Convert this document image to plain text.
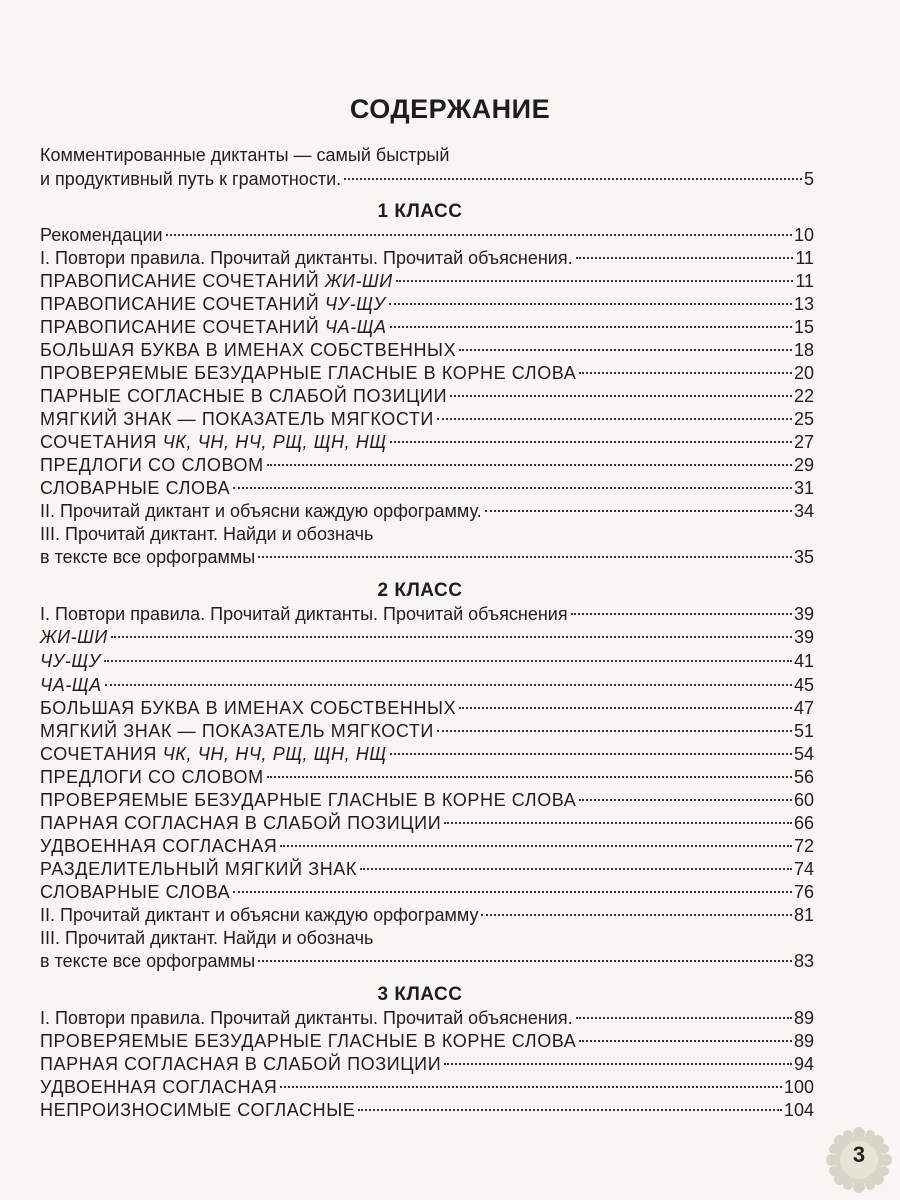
СОДЕРЖАНИЕ
Комментированные диктанты — самый быстрый
и продуктивный путь к грамотности.	5
1 КЛАСС
Рекомендации	10
I. Повтори правила. Прочитай диктанты. Прочитай объяснения.	11
ПРАВОПИСАНИЕ СОЧЕТАНИЙ ЖИ-ШИ	11
ПРАВОПИСАНИЕ СОЧЕТАНИЙ ЧУ-ЩУ	13
ПРАВОПИСАНИЕ СОЧЕТАНИЙ ЧА-ЩА	15
БОЛЬШАЯ БУКВА В ИМЕНАХ СОБСТВЕННЫХ	18
ПРОВЕРЯЕМЫЕ БЕЗУДАРНЫЕ ГЛАСНЫЕ В КОРНЕ СЛОВА	20
ПАРНЫЕ СОГЛАСНЫЕ В СЛАБОЙ ПОЗИЦИИ	22
МЯГКИЙ ЗНАК — ПОКАЗАТЕЛЬ МЯГКОСТИ	25
СОЧЕТАНИЯ ЧК, ЧН, НЧ, РЩ, ЩН, НЩ	27
ПРЕДЛОГИ СО СЛОВОМ	29
СЛОВАРНЫЕ СЛОВА	31
II. Прочитай диктант и объясни каждую орфограмму.	34
III. Прочитай диктант. Найди и обозначь
в тексте все орфограммы	35
2 КЛАСС
I. Повтори правила. Прочитай диктанты. Прочитай объяснения	39
ЖИ-ШИ	39
ЧУ-ЩУ	41
ЧА-ЩА	45
БОЛЬШАЯ БУКВА В ИМЕНАХ СОБСТВЕННЫХ	47
МЯГКИЙ ЗНАК — ПОКАЗАТЕЛЬ МЯГКОСТИ	51
СОЧЕТАНИЯ ЧК, ЧН, НЧ, РЩ, ЩН, НЩ	54
ПРЕДЛОГИ СО СЛОВОМ	56
ПРОВЕРЯЕМЫЕ БЕЗУДАРНЫЕ ГЛАСНЫЕ В КОРНЕ СЛОВА	60
ПАРНАЯ СОГЛАСНАЯ В СЛАБОЙ ПОЗИЦИИ	66
УДВОЕННАЯ СОГЛАСНАЯ	72
РАЗДЕЛИТЕЛЬНЫЙ МЯГКИЙ ЗНАК	74
СЛОВАРНЫЕ СЛОВА	76
II. Прочитай диктант и объясни каждую орфограмму	81
III. Прочитай диктант. Найди и обозначь
в тексте все орфограммы	83
3 КЛАСС
I. Повтори правила. Прочитай диктанты. Прочитай объяснения.	89
ПРОВЕРЯЕМЫЕ БЕЗУДАРНЫЕ ГЛАСНЫЕ В КОРНЕ СЛОВА	89
ПАРНАЯ СОГЛАСНАЯ В СЛАБОЙ ПОЗИЦИИ	94
УДВОЕННАЯ СОГЛАСНАЯ	100
НЕПРОИЗНОСИМЫЕ СОГЛАСНЫЕ	104
3
